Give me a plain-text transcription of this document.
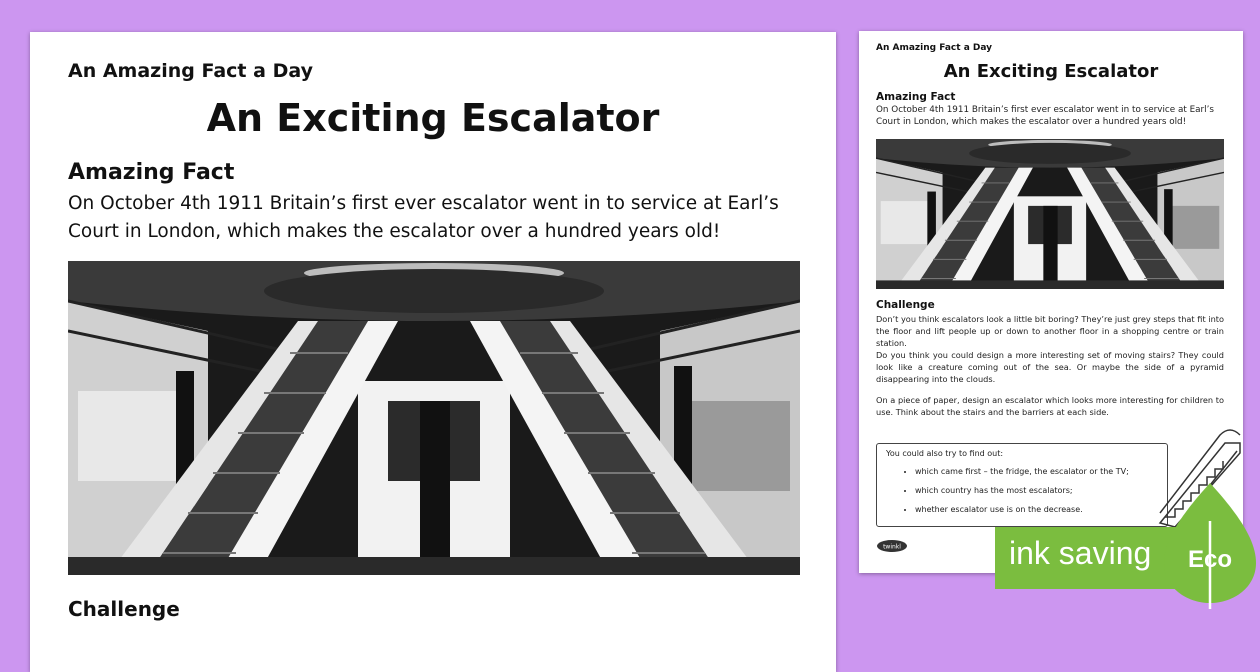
An Amazing Fact a Day
An Exciting Escalator
Amazing Fact
On October 4th 1911 Britain’s first ever escalator went in to service at Earl’s Court in London, which makes the escalator over a hundred years old!
Challenge
An Amazing Fact a Day
An Exciting Escalator
Amazing Fact
On October 4th 1911 Britain’s first ever escalator went in to service at Earl’s Court in London, which makes the escalator over a hundred years old!
Challenge
Don’t you think escalators look a little bit boring? They’re just grey steps that fit into the floor and lift people up or down to another floor in a shopping centre or train station.
Do you think you could design a more interesting set of moving stairs? They could look like a creature coming out of the sea. Or maybe the side of a pyramid disappearing into the clouds.
On a piece of paper, design an escalator which looks more interesting for children to use. Think about the stairs and the barriers at each side.
You could also try to find out:
• which came first – the fridge, the escalator or the TV;
• which country has the most escalators;
• whether escalator use is on the decrease.
twinkl	ink saving Eco
